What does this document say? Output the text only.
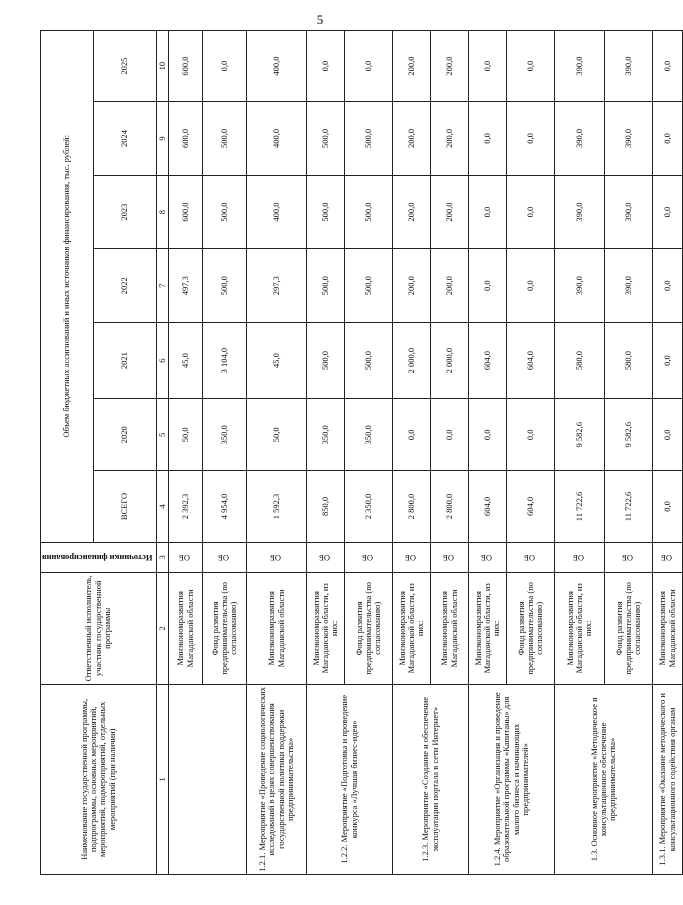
5
Наименование государственной программы, подпрограммы, основных мероприятий, мероприятий, подмероприятий, отдельных мероприятий (при наличии)	Ответственный исполнитель, участник государственной программы	Источники финансирования	Объем бюджетных ассигнований и иных источников финансирования, тыс. рублей:						
			ВСЕГО	2020	2021	2022	2023	2024	2025
1	2	3	4	5	6	7	8	9	10
	Минэкономразвития Магаданской области	ОБ	2 392,3	50,0	45,0	497,3	600,0	600,0	600,0
	Фонд развития предпринимательства (по согласованию)	ОБ	4 954,0	350,0	3 104,0	500,0	500,0	500,0	0,0
1.2.1. Мероприятие «Проведение социологических исследований в целях совершенствования государственной политики поддержки предпринимательства»	Минэкономразвития Магаданской области	ОБ	1 592,3	50,0	45,0	297,3	400,0	400,0	400,0
1.2.2. Мероприятие «Подготовка и проведение конкурса «Лучшая бизнес-идея»	Минэкономразвития Магаданской области, из них:	ОБ	850,0	350,0	500,0	500,0	500,0	500,0	0,0
	Фонд развития предпринимательства (по согласованию)	ОБ	2 350,0	350,0	500,0	500,0	500,0	500,0	0,0
1.2.3. Мероприятие «Создание и обеспечение эксплуатации портала в сети Интернет»	Минэкономразвития Магаданской области, из них:	ОБ	2 800,0	0,0	2 000,0	200,0	200,0	200,0	200,0
	Минэкономразвития Магаданской области	ОБ	2 800,0	0,0	2 000,0	200,0	200,0	200,0	200,0
1.2.4. Мероприятие «Организация и проведение образовательной программы «Капитаны» для малого бизнеса и начинающих предпринимателей»	Минэкономразвития Магаданской области, из них:	ОБ	604,0	0,0	604,0	0,0	0,0	0,0	0,0
	Фонд развития предпринимательства (по согласованию)	ОБ	604,0	0,0	604,0	0,0	0,0	0,0	0,0
1.3. Основное мероприятие «Методическое и консультационное обеспечение предпринимательства»	Минэкономразвития Магаданской области, из них:	ОБ	11 722,6	9 582,6	580,0	390,0	390,0	390,0	390,0
	Фонд развития предпринимательства (по согласованию)	ОБ	11 722,6	9 582,6	580,0	390,0	390,0	390,0	390,0
1.3.1. Мероприятие «Оказание методического и консультационного содействия органам	Минэкономразвития Магаданской области	ОБ	0,0	0,0	0,0	0,0	0,0	0,0	0,0
